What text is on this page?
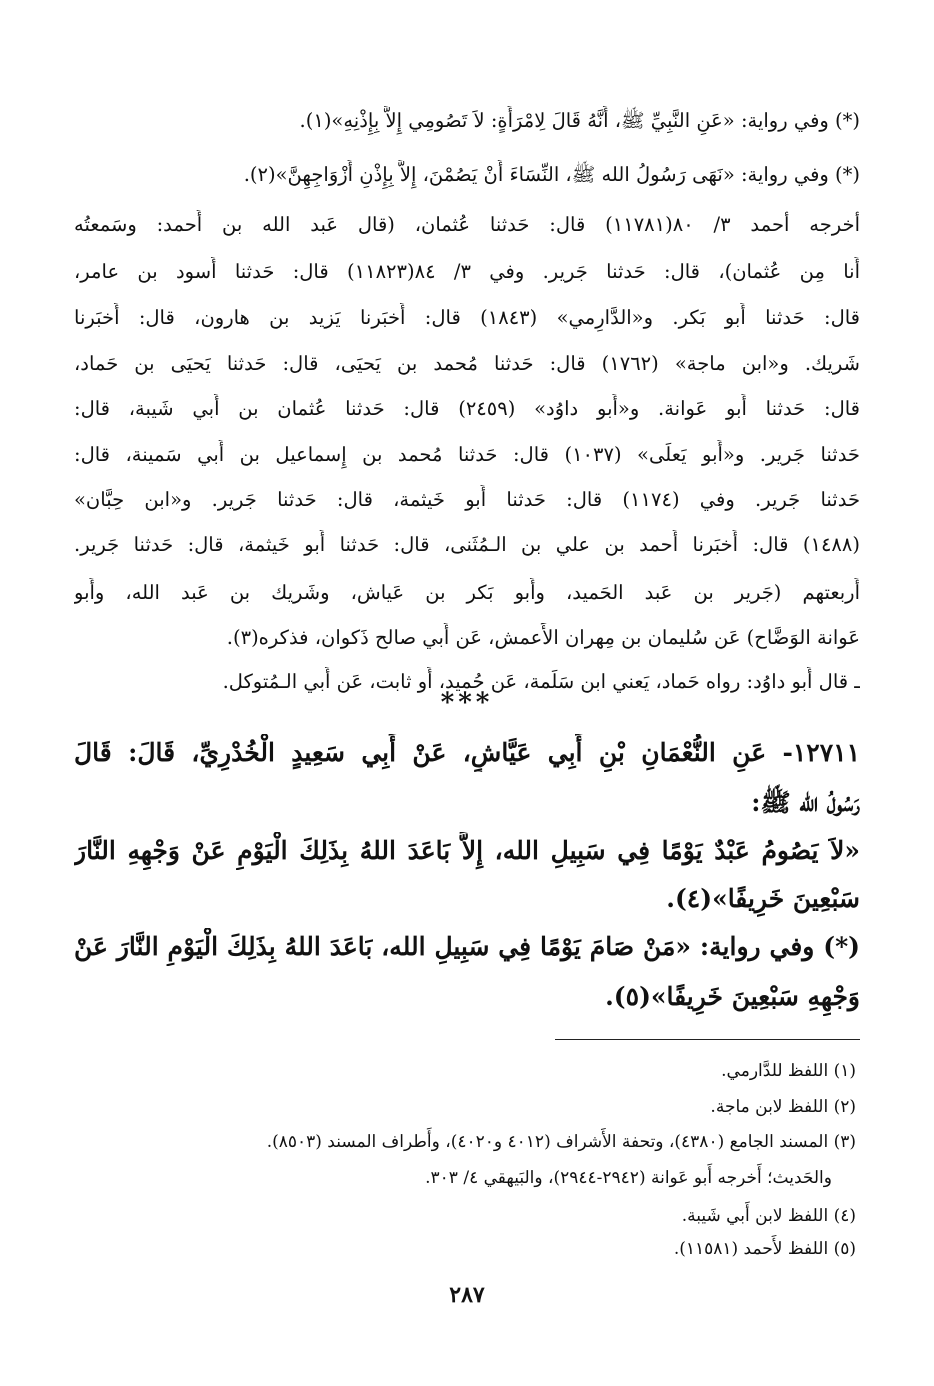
(*) وفي رواية: «عَنِ النَّبِيِّ ﷺ، أَنَّهُ قَالَ لِامْرَأَةٍ: لاَ تَصُومِي إِلاَّ بِإِذْنِهِ»(١).
(*) وفي رواية: «نَهَى رَسُولُ الله ﷺ، النِّسَاءَ أَنْ يَصُمْنَ، إِلاَّ بِإِذْنِ أَزْوَاجِهِنَّ»(٢).
أخرجه أحمد ٣/ ٨٠(١١٧٨١) قال: حَدثنا عُثمان، (قال عَبد الله بن أَحمد: وسَمعتُه
أَنا مِن عُثمان)، قال: حَدثنا جَرير. وفي ٣/ ٨٤(١١٨٢٣) قال: حَدثنا أَسود بن عامر،
قال: حَدثنا أَبو بَكر. و«الدَّارِمي» (١٨٤٣) قال: أَخبَرنا يَزيد بن هارون، قال: أَخبَرنا
شَريك. و«ابن ماجة» (١٧٦٢) قال: حَدثنا مُحمد بن يَحيَى، قال: حَدثنا يَحيَى بن حَماد،
قال: حَدثنا أَبو عَوانة. و«أَبو داوُد» (٢٤٥٩) قال: حَدثنا عُثمان بن أَبي شَيبة، قال:
حَدثنا جَرير. و«أَبو يَعلَى» (١٠٣٧) قال: حَدثنا مُحمد بن إِسماعيل بن أَبي سَمينة، قال:
حَدثنا جَرير. وفي (١١٧٤) قال: حَدثنا أَبو خَيثمة، قال: حَدثنا جَرير. و«ابن حِبَّان»
(١٤٨٨) قال: أَخبَرنا أَحمد بن علي بن الـمُثَنى، قال: حَدثنا أَبو خَيثمة، قال: حَدثنا جَرير.
أَربعتهم (جَرير بن عَبد الحَميد، وأَبو بَكر بن عَياش، وشَريك بن عَبد الله، وأَبو
عَوانة الوَضَّاح) عَن سُليمان بن مِهران الأَعمش، عَن أَبي صالح ذَكوان، فذكره(٣).
ـ قال أَبو داوُد: رواه حَماد، يَعني ابن سَلَمة، عَن حُميد، أَو ثابت، عَن أَبي الـمُتوكل.
***
١٢٧١١- عَنِ النُّعْمَانِ بْنِ أَبِي عَيَّاشٍ، عَنْ أَبِي سَعِيدٍ الْخُدْرِيِّ، قَالَ: قَالَ
رَسُولُ الله ﷺ:
«لاَ يَصُومُ عَبْدٌ يَوْمًا فِي سَبِيلِ الله، إِلاَّ بَاعَدَ اللهُ بِذَلِكَ الْيَوْمِ عَنْ وَجْهِهِ النَّارَ
سَبْعِينَ خَرِيفًا»(٤).
(*) وفي رواية: «مَنْ صَامَ يَوْمًا فِي سَبِيلِ الله، بَاعَدَ اللهُ بِذَلِكَ الْيَوْمِ النَّارَ عَنْ
وَجْهِهِ سَبْعِينَ خَرِيفًا»(٥).
(١) اللفظ للدَّارمي.
(٢) اللفظ لابن ماجة.
(٣) المسند الجامع (٤٣٨٠)، وتحفة الأَشراف (٤٠١٢ و٤٠٢٠)، وأَطراف المسند (٨٥٠٣).
والحَديث؛ أَخرجه أَبو عَوانة (٢٩٤٢-٢٩٤٤)، والبَيهقي ٤/ ٣٠٣.
(٤) اللفظ لابن أَبي شَيبة.
(٥) اللفظ لأَحمد (١١٥٨١).
٢٨٧
